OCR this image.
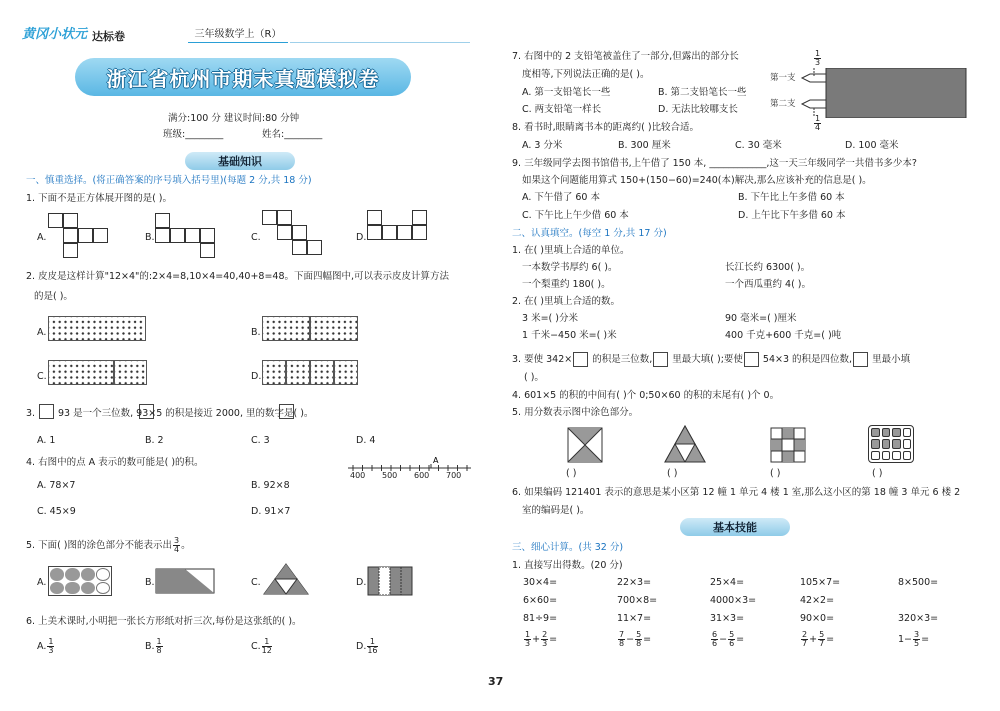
黄冈小状元 达标卷	三年级数学上（R）
浙江省杭州市期末真题模拟卷
满分:100 分 建议时间:80 分钟
班级:________	姓名:________
基础知识
一、慎重选择。(将正确答案的序号填入括号里)(每题 2 分,共 18 分)
1. 下面不是正方体展开图的是( )。
A.	B.	C.	D.
2. 皮皮是这样计算"12×4"的:2×4=8,10×4=40,40+8=48。下面四幅图中,可以表示皮皮计算方法
的是( )。
A.
C.
B.
D.
3. 93 是一个三位数, 93×5 的积是接近 2000, 里的数字是( )。
A. 1	B. 2	C. 3	D. 4
4. 右图中的点 A 表示的数可能是( )的积。
A. 78×7	B. 92×8
C. 45×9	D. 91×7
A
400 500 600 700
5. 下面( )图的涂色部分不能表示出 $\frac{3}{4}$ 。
A.	B.	C.	D.
6. 上美术课时,小明把一张长方形纸对折三次,每份是这张纸的( )。
A. $\frac{1}{3}$	B. $\frac{1}{8}$	C. $\frac{1}{12}$	D. $\frac{1}{16}$
7. 右图中的 2 支铅笔被盖住了一部分,但露出的部分长
度相等,下列说法正确的是( )。
A. 第一支铅笔长一些	B. 第二支铅笔长一些
C. 两支铅笔一样长	D. 无法比较哪支长
第一支
第二支
$\frac{1}{3}$
$\frac{1}{4}$
8. 看书时,眼睛离书本的距离约( )比较合适。
A. 3 分米	B. 300 厘米	C. 30 毫米	D. 100 毫米
9. 三年级同学去图书馆借书,上午借了 150 本, ____________,这一天三年级同学一共借书多少本?
如果这个问题能用算式 150+(150−60)=240(本)解决,那么应该补充的信息是( )。
A. 下午借了 60 本	B. 下午比上午多借 60 本
C. 下午比上午少借 60 本	D. 上午比下午多借 60 本
二、认真填空。(每空 1 分,共 17 分)
1. 在( )里填上合适的单位。
一本数学书厚约 6( )。	长江长约 6300( )。
一个梨重约 180( )。	一个西瓜重约 4( )。
2. 在( )里填上合适的数。
3 米=( )分米	90 毫米=( )厘米
1 千米−450 米=( )米	400 千克+600 千克=( )吨
3. 要使 342× 的积是三位数, 里最大填( );要使 54×3 的积是四位数, 里最小填
( )。
4. 601×5 的积的中间有( )个 0;50×60 的积的末尾有( )个 0。
5. 用分数表示图中涂色部分。
( )	( )	( )	( )
6. 如果编码 121401 表示的意思是某小区第 12 幢 1 单元 4 楼 1 室,那么这小区的第 18 幢 3 单元 6 楼 2
室的编码是( )。
基本技能
三、细心计算。(共 32 分)
1. 直接写出得数。(20 分)
30×4=	22×3=	25×4=	105×7=	8×500=
6×60=	700×8=	4000×3=	42×2=
81÷9=	11×7=	31×3=	90×0=	320×3=
$\frac{1}{3} + \frac{2}{3}$ =	$\frac{7}{8} - \frac{5}{8}$ =	$\frac{6}{6} - \frac{5}{6}$ =	$\frac{2}{7} + \frac{5}{7}$ =	$1- \frac{3}{5}$ =
37
